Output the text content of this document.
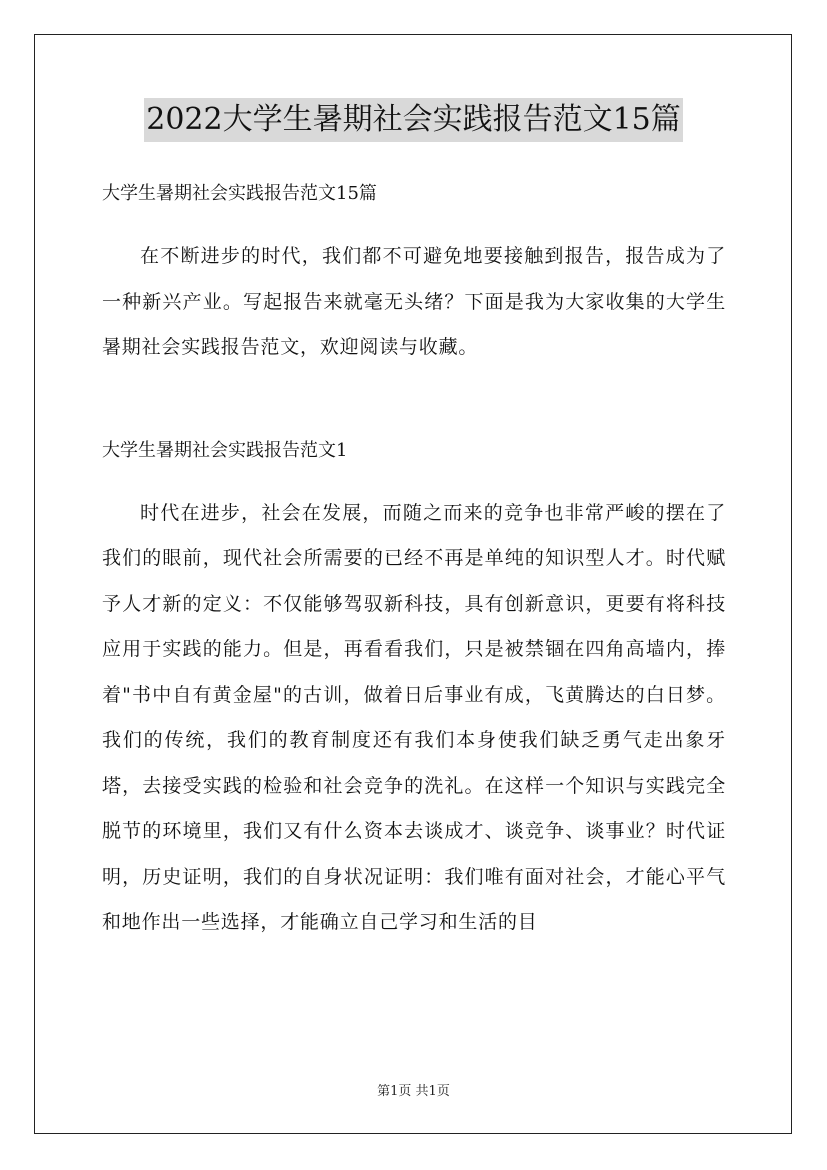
2022大学生暑期社会实践报告范文15篇

大学生暑期社会实践报告范文15篇

在不断进步的时代，我们都不可避免地要接触到报告，报告成为了一种新兴产业。写起报告来就毫无头绪？下面是我为大家收集的大学生暑期社会实践报告范文，欢迎阅读与收藏。

大学生暑期社会实践报告范文1

时代在进步，社会在发展，而随之而来的竞争也非常严峻的摆在了我们的眼前，现代社会所需要的已经不再是单纯的知识型人才。时代赋予人才新的定义：不仅能够驾驭新科技，具有创新意识，更要有将科技应用于实践的能力。但是，再看看我们，只是被禁锢在四角高墙内，捧着"书中自有黄金屋"的古训，做着日后事业有成，飞黄腾达的白日梦。我们的传统，我们的教育制度还有我们本身使我们缺乏勇气走出象牙塔，去接受实践的检验和社会竞争的洗礼。在这样一个知识与实践完全脱节的环境里，我们又有什么资本去谈成才、谈竞争、谈事业？时代证明，历史证明，我们的自身状况证明：我们唯有面对社会，才能心平气和地作出一些选择，才能确立自己学习和生活的目

第1页 共1页
